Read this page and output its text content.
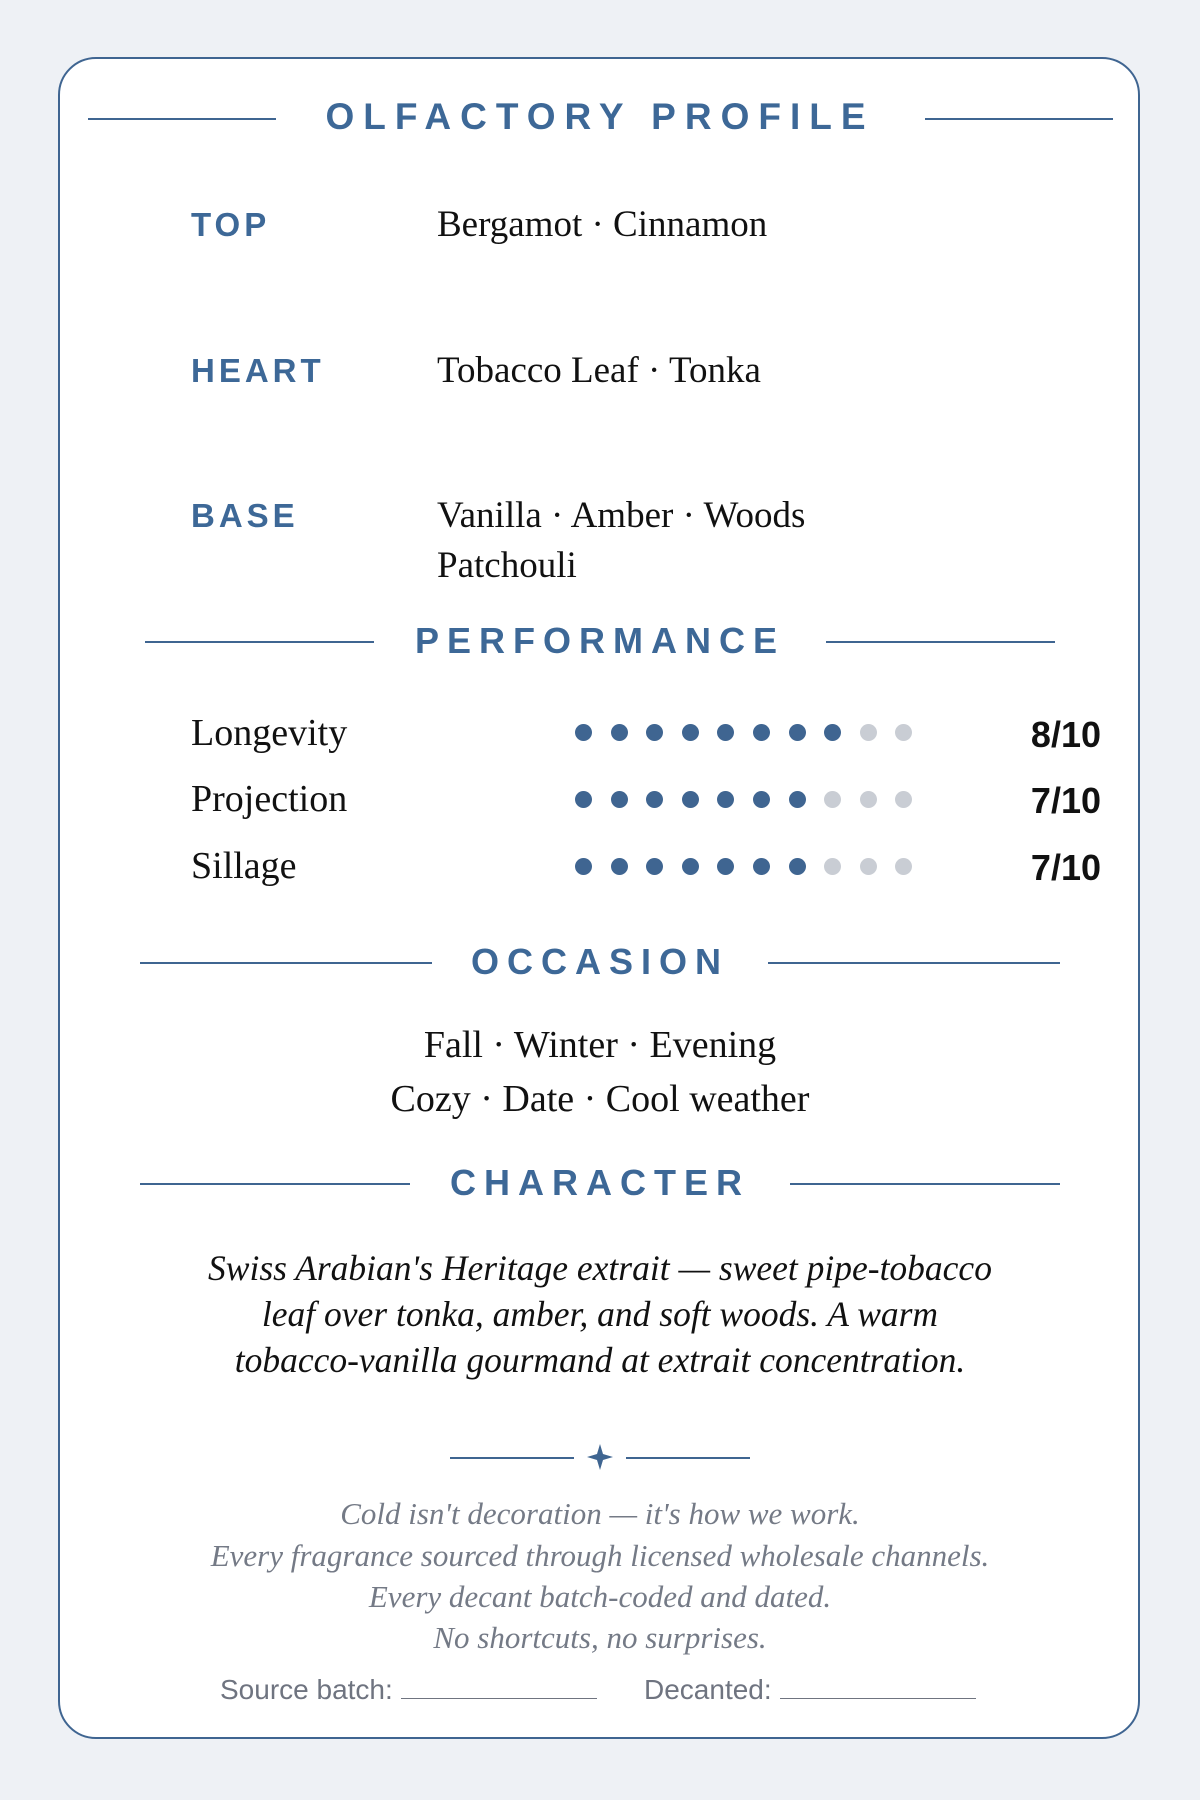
OLFACTORY PROFILE
TOP	Bergamot · Cinnamon
HEART	Tobacco Leaf · Tonka
BASE	Vanilla · Amber · Woods
Patchouli
PERFORMANCE
Longevity	8/10
Projection	7/10
Sillage	7/10
OCCASION
Fall · Winter · Evening
Cozy · Date · Cool weather
CHARACTER
Swiss Arabian's Heritage extrait — sweet pipe-tobacco
leaf over tonka, amber, and soft woods. A warm
tobacco-vanilla gourmand at extrait concentration.
Cold isn't decoration — it's how we work.
Every fragrance sourced through licensed wholesale channels.
Every decant batch-coded and dated.
No shortcuts, no surprises.
Source batch:	Decanted:
